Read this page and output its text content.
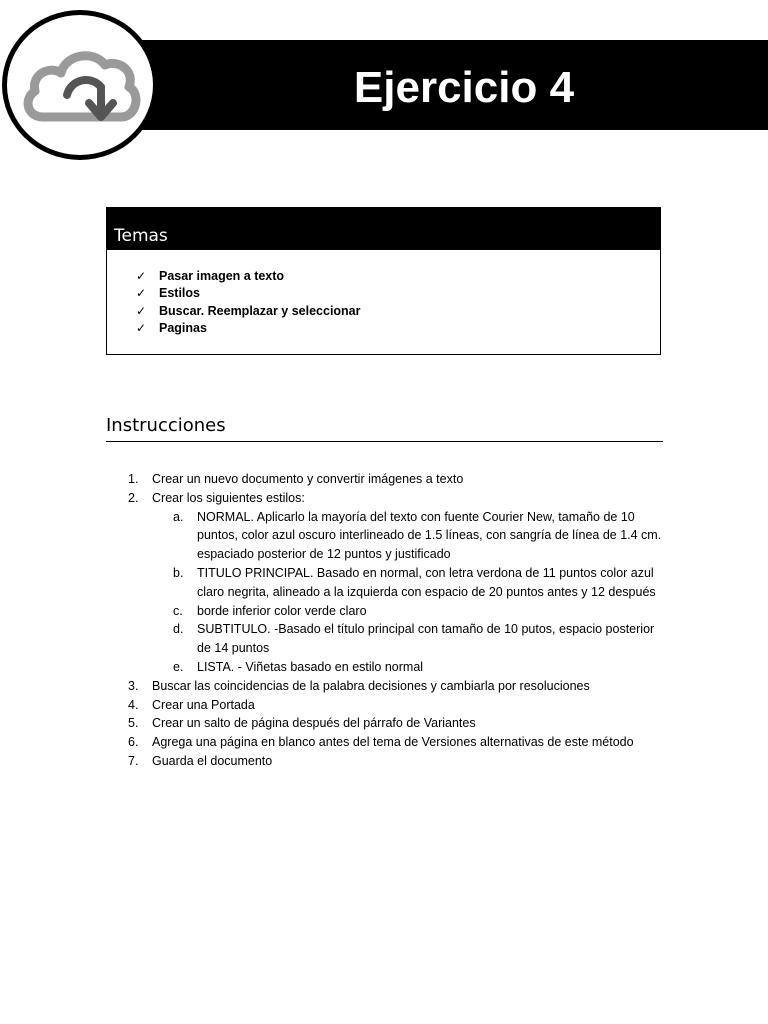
Ejercicio 4
Temas
✓	Pasar imagen a texto
✓	Estilos
✓	Buscar. Reemplazar y seleccionar
✓	Paginas
Instrucciones
1.	Crear un nuevo documento y convertir imágenes a texto
2.	Crear los siguientes estilos:
a.	NORMAL. Aplicarlo la mayoría del texto con fuente Courier New, tamaño de 10 puntos, color azul oscuro interlineado de 1.5 líneas, con sangría de línea de 1.4 cm. espaciado posterior de 12 puntos y justificado
b.	TITULO PRINCIPAL. Basado en normal, con letra verdona de 11 puntos color azul claro negrita, alineado a la izquierda con espacio de 20 puntos antes y 12 después
c.	borde inferior color verde claro
d.	SUBTITULO. -Basado el título principal con tamaño de 10 putos, espacio posterior de 14 puntos
e.	LISTA. - Viñetas basado en estilo normal
3.	Buscar las coincidencias de la palabra decisiones y cambiarla por resoluciones
4.	Crear una Portada
5.	Crear un salto de página después del párrafo de Variantes
6.	Agrega una página en blanco antes del tema de Versiones alternativas de este método
7.	Guarda el documento
